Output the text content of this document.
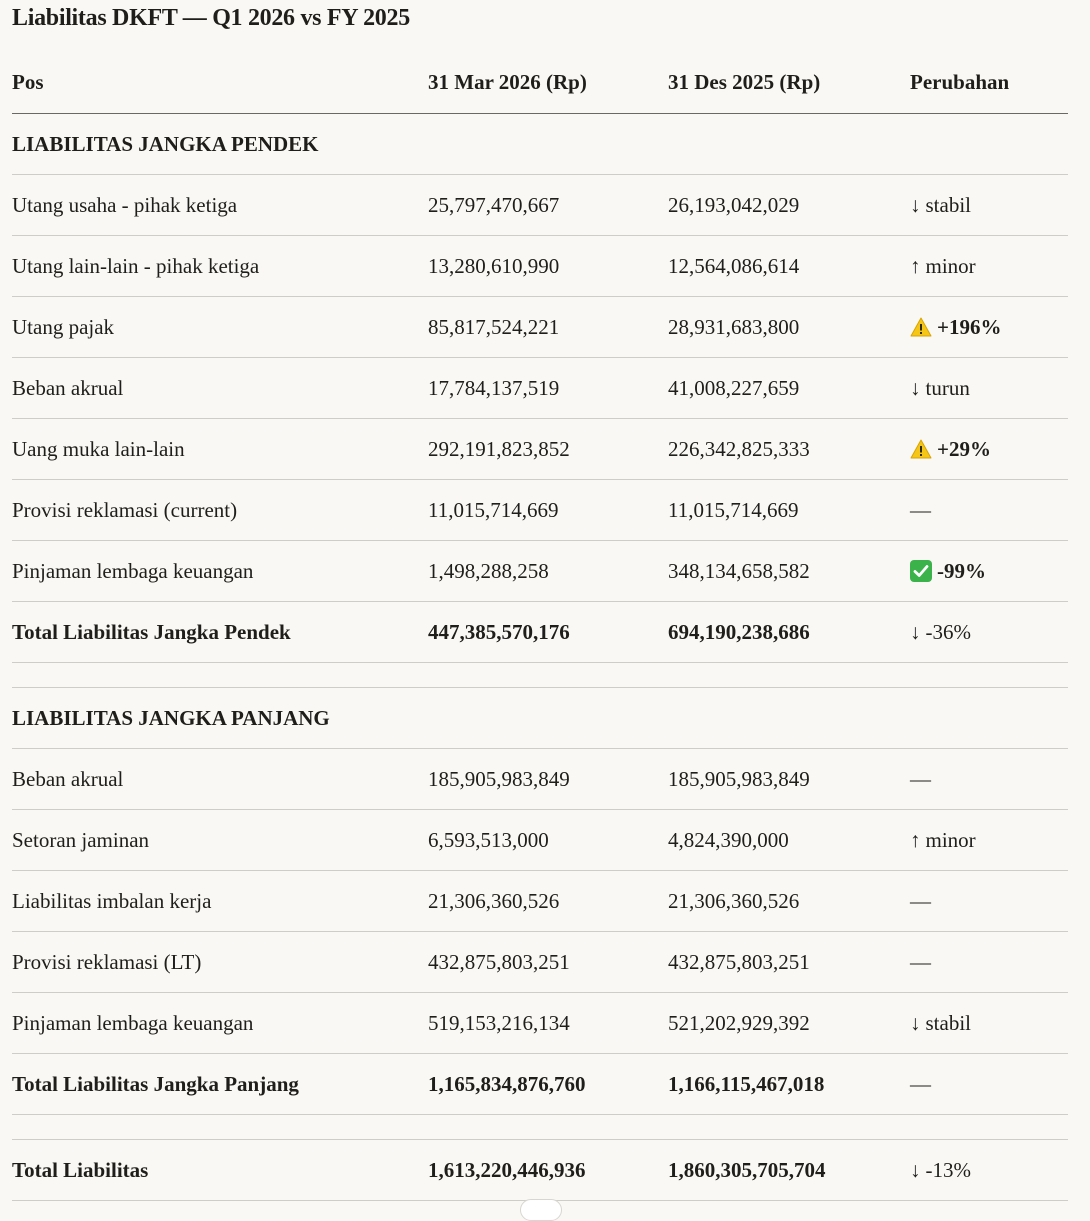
Liabilitas DKFT — Q1 2026 vs FY 2025
Pos	31 Mar 2026 (Rp)	31 Des 2025 (Rp)	Perubahan
LIABILITAS JANGKA PENDEK
Utang usaha - pihak ketiga	25,797,470,667	26,193,042,029	↓ stabil
Utang lain-lain - pihak ketiga	13,280,610,990	12,564,086,614	↑ minor
Utang pajak	85,817,524,221	28,931,683,800	+196%
Beban akrual	17,784,137,519	41,008,227,659	↓ turun
Uang muka lain-lain	292,191,823,852	226,342,825,333	+29%
Provisi reklamasi (current)	11,015,714,669	11,015,714,669	—
Pinjaman lembaga keuangan	1,498,288,258	348,134,658,582	-99%
Total Liabilitas Jangka Pendek	447,385,570,176	694,190,238,686	↓ -36%
LIABILITAS JANGKA PANJANG
Beban akrual	185,905,983,849	185,905,983,849	—
Setoran jaminan	6,593,513,000	4,824,390,000	↑ minor
Liabilitas imbalan kerja	21,306,360,526	21,306,360,526	—
Provisi reklamasi (LT)	432,875,803,251	432,875,803,251	—
Pinjaman lembaga keuangan	519,153,216,134	521,202,929,392	↓ stabil
Total Liabilitas Jangka Panjang	1,165,834,876,760	1,166,115,467,018	—
Total Liabilitas	1,613,220,446,936	1,860,305,705,704	↓ -13%
